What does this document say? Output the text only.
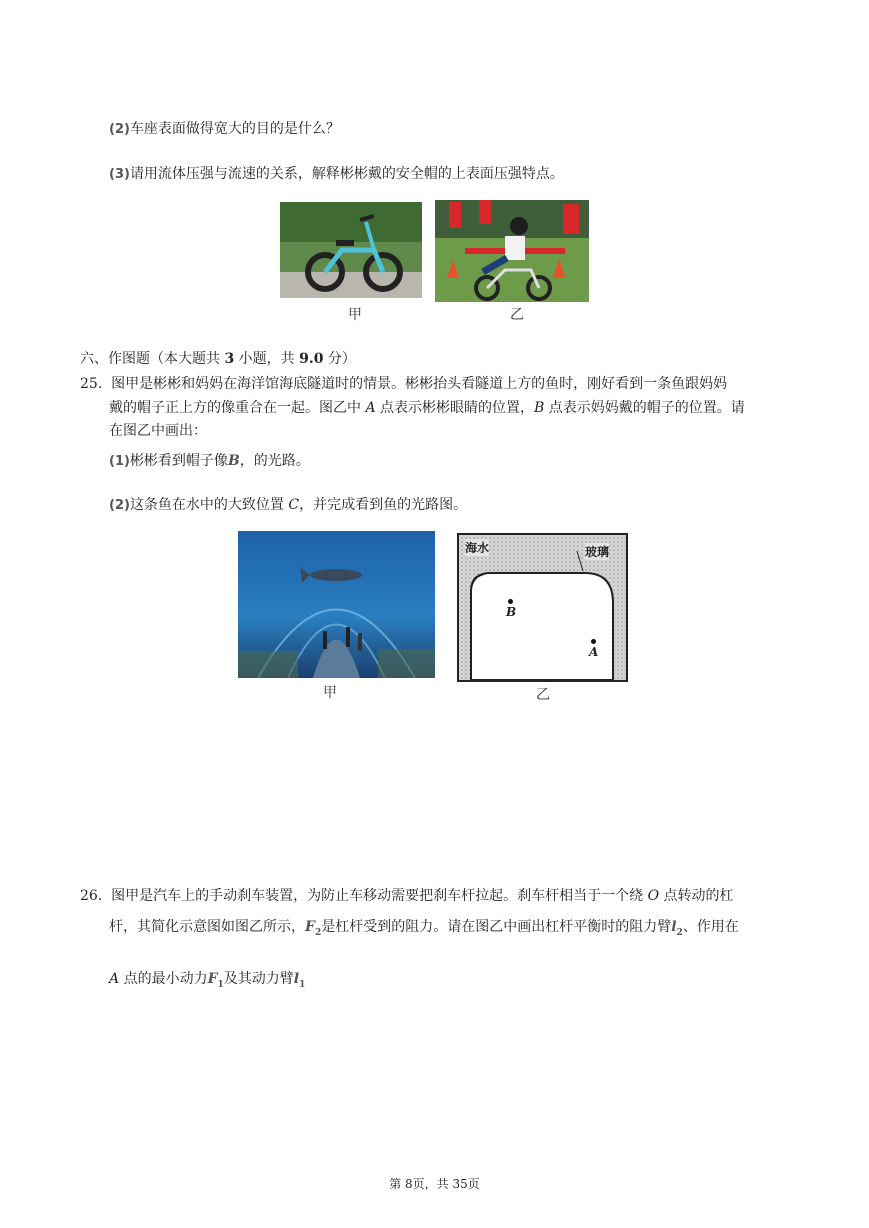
(2)车座表面做得宽大的目的是什么？
(3)请用流体压强与流速的关系，解释彬彬戴的安全帽的上表面压强特点。
甲	乙
六、作图题（本大题共 3 小题，共 9.0 分）
25. 图甲是彬彬和妈妈在海洋馆海底隧道时的情景。彬彬抬头看隧道上方的鱼时，刚好看到一条鱼跟妈妈
戴的帽子正上方的像重合在一起。图乙中 A 点表示彬彬眼睛的位置，B 点表示妈妈戴的帽子的位置。请
在图乙中画出：
(1)彬彬看到帽子像B，的光路。
(2)这条鱼在水中的大致位置 C，并完成看到鱼的光路图。
海水	玻璃
B
A
甲	乙
26. 图甲是汽车上的手动刹车装置，为防止车移动需要把刹车杆拉起。刹车杆相当于一个绕 O 点转动的杠
杆，其简化示意图如图乙所示，$F_2$是杠杆受到的阻力。请在图乙中画出杠杆平衡时的阻力臂$l_2$、作用在
A 点的最小动力$F_1$及其动力臂$l_1$
第 8页，共 35页
